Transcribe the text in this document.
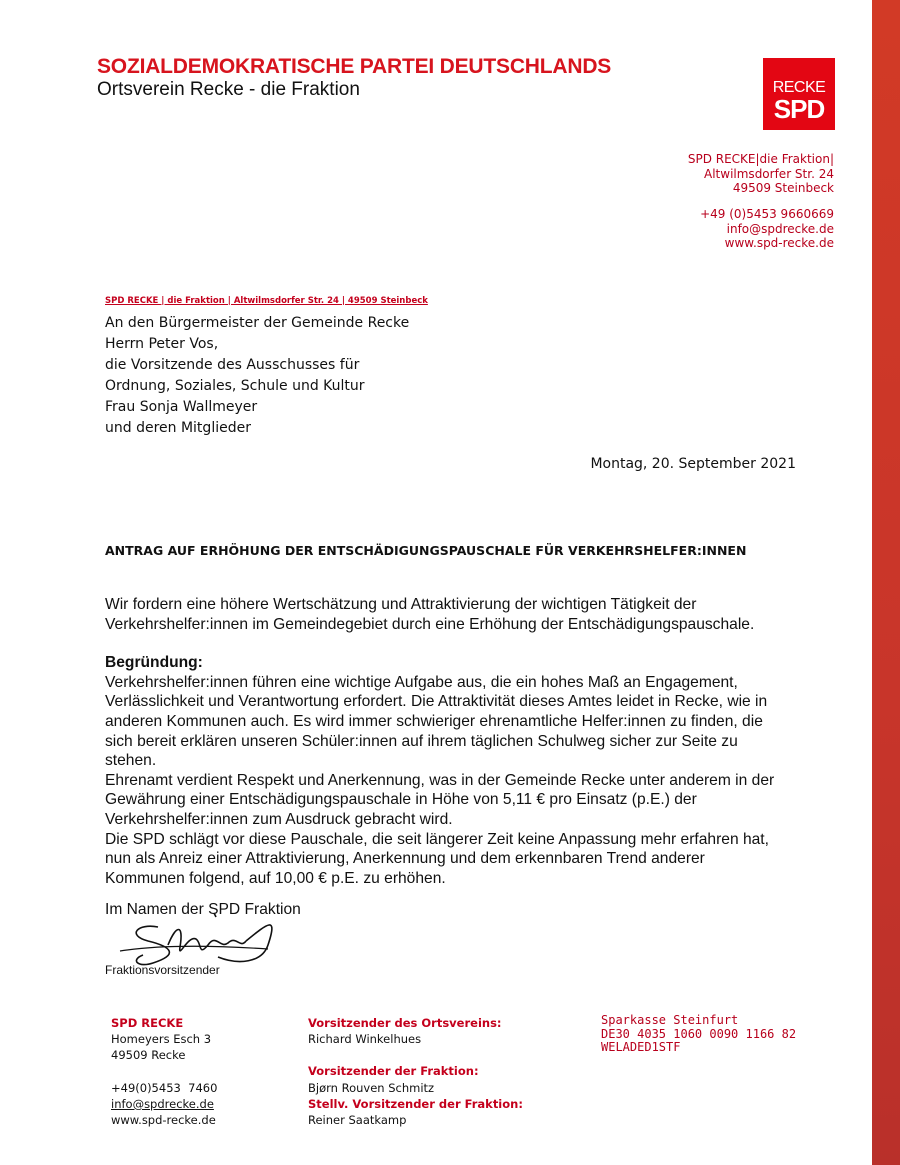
SOZIALDEMOKRATISCHE PARTEI DEUTSCHLANDS
Ortsverein Recke - die Fraktion	RECKE
SPD
SPD RECKE|die Fraktion|
Altwilmsdorfer Str. 24
49509 Steinbeck
+49 (0)5453 9660669
info@spdrecke.de
www.spd-recke.de
SPD RECKE | die Fraktion | Altwilmsdorfer Str. 24 | 49509 Steinbeck
An den Bürgermeister der Gemeinde Recke
Herrn Peter Vos,
die Vorsitzende des Ausschusses für
Ordnung, Soziales, Schule und Kultur
Frau Sonja Wallmeyer
und deren Mitglieder
Montag, 20. September 2021
ANTRAG AUF ERHÖHUNG DER ENTSCHÄDIGUNGSPAUSCHALE FÜR VERKEHRSHELFER:INNEN

Wir fordern eine höhere Wertschätzung und Attraktivierung der wichtigen Tätigkeit der

Verkehrshelfer:innen im Gemeindegebiet durch eine Erhöhung der Entschädigungspauschale.

Begründung:

Verkehrshelfer:innen führen eine wichtige Aufgabe aus, die ein hohes Maß an Engagement,

Verlässlichkeit und Verantwortung erfordert. Die Attraktivität dieses Amtes leidet in Recke, wie in

anderen Kommunen auch. Es wird immer schwieriger ehrenamtliche Helfer:innen zu finden, die

sich bereit erklären unseren Schüler:innen auf ihrem täglichen Schulweg sicher zur Seite zu

stehen.

Ehrenamt verdient Respekt und Anerkennung, was in der Gemeinde Recke unter anderem in der

Gewährung einer Entschädigungspauschale in Höhe von 5,11 € pro Einsatz (p.E.) der

Verkehrshelfer:innen zum Ausdruck gebracht wird.

Die SPD schlägt vor diese Pauschale, die seit längerer Zeit keine Anpassung mehr erfahren hat,

nun als Anreiz einer Attraktivierung, Anerkennung und dem erkennbaren Trend anderer

Kommunen folgend, auf 10,00 € p.E. zu erhöhen.

Im Namen der SPD Fraktion
Fraktionsvorsitzender
SPD RECKE
Homeyers Esch 3
49509 Recke
+49(0)5453  7460
info@spdrecke.de
www.spd-recke.de
Vorsitzender des Ortsvereins:
Richard Winkelhues
Vorsitzender der Fraktion:
Bjørn Rouven Schmitz
Stellv. Vorsitzender der Fraktion:
Reiner Saatkamp
Sparkasse Steinfurt
DE30 4035 1060 0090 1166 82
WELADED1STF
